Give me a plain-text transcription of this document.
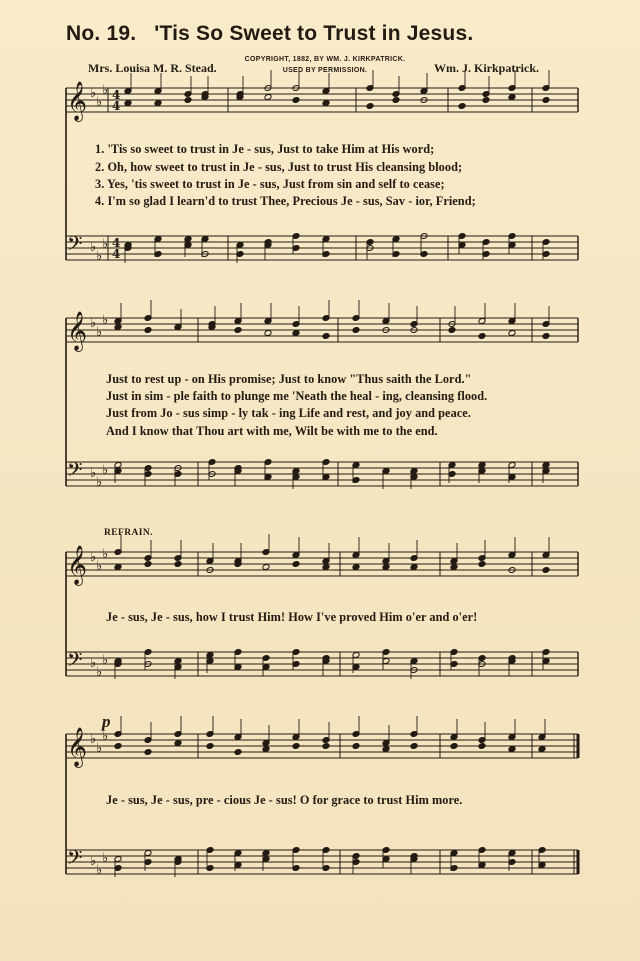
No. 19. 'Tis So Sweet to Trust in Jesus.
COPYRIGHT, 1882, BY WM. J. KIRKPATRICK.
USED BY PERMISSION.
Mrs. Louisa M. R. Stead.	Wm. J. Kirkpatrick.
𝄞 ♭
♭
♭
𝄢 ♭
♭
♭
4
4
4
4
𝄞 ♭
♭
♭
𝄢 ♭
♭
♭
𝄞 ♭
♭
♭
𝄢 ♭
♭
♭
𝄞 ♭
♭
♭
𝄢 ♭
♭
♭
1. 'Tis so sweet to trust in Je - sus, Just to take Him at His word;
2. Oh, how sweet to trust in Je - sus, Just to trust His cleansing blood;
3. Yes, 'tis sweet to trust in Je - sus, Just from sin and self to cease;
4. I'm so glad I learn'd to trust Thee, Precious Je - sus, Sav - ior, Friend;
Just to rest up - on His promise; Just to know "Thus saith the Lord."
Just in sim - ple faith to plunge me 'Neath the heal - ing, cleansing flood.
Just from Jo - sus simp - ly tak - ing Life and rest, and joy and peace.
And I know that Thou art with me, Wilt be with me to the end.
REFRAIN.
Je - sus, Je - sus, how I trust Him! How I've proved Him o'er and o'er!
p
Je - sus, Je - sus, pre - cious Je - sus! O for grace to trust Him more.
